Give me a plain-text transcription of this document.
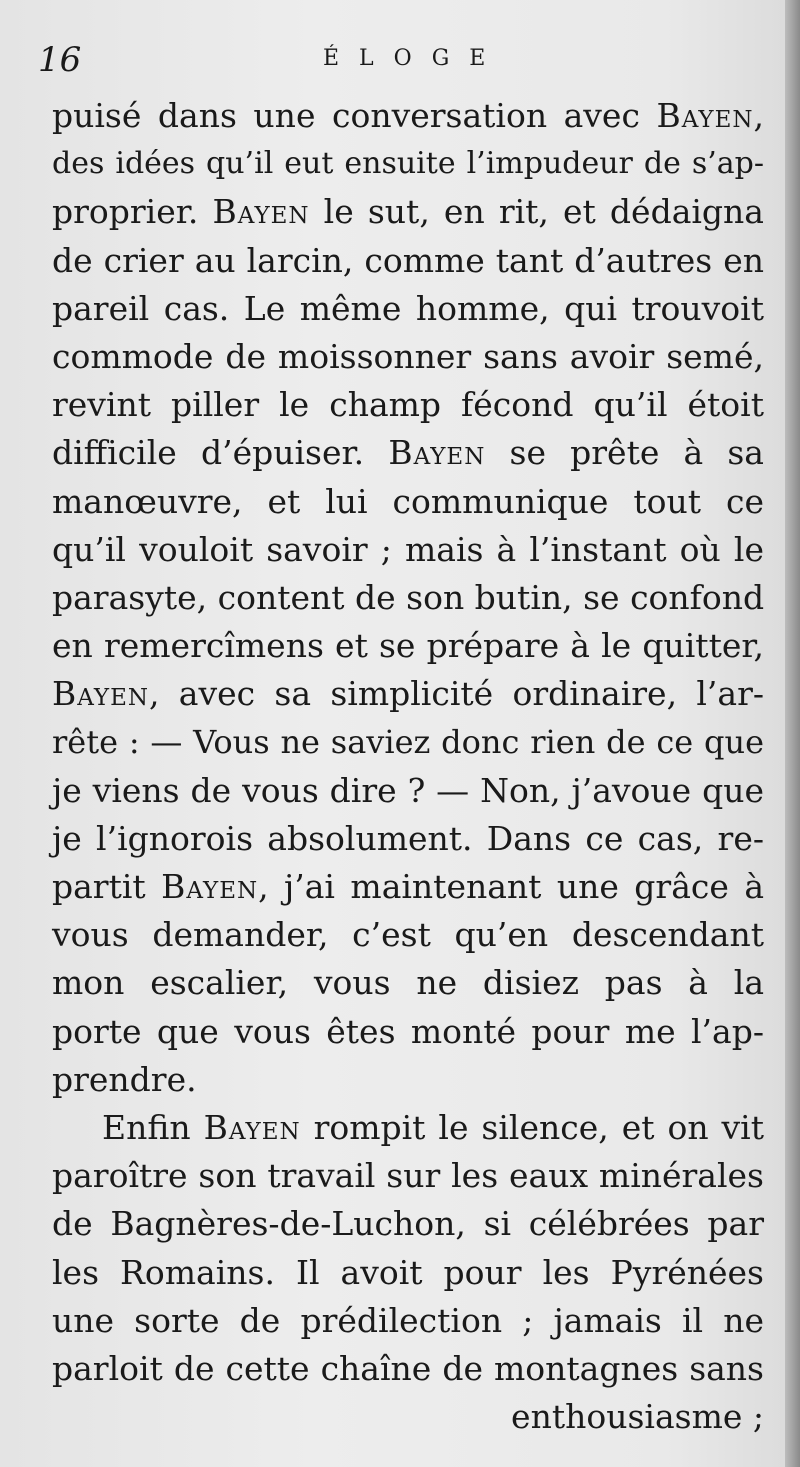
16	ÉLOGE
puisé dans une conversation avec Bayen,
des idées qu’il eut ensuite l’impudeur de s’ap-
proprier. Bayen le sut, en rit, et dédaigna
de crier au larcin, comme tant d’autres en
pareil cas. Le même homme, qui trouvoit
commode de moissonner sans avoir semé,
revint piller le champ fécond qu’il étoit
difficile d’épuiser. Bayen se prête à sa
manœuvre, et lui communique tout ce
qu’il vouloit savoir ; mais à l’instant où le
parasyte, content de son butin, se confond
en remercîmens et se prépare à le quitter,
Bayen, avec sa simplicité ordinaire, l’ar-
rête : — Vous ne saviez donc rien de ce que
je viens de vous dire ? — Non, j’avoue que
je l’ignorois absolument. Dans ce cas, re-
partit Bayen, j’ai maintenant une grâce à
vous demander, c’est qu’en descendant
mon escalier, vous ne disiez pas à la
porte que vous êtes monté pour me l’ap-
prendre.
Enfin Bayen rompit le silence, et on vit
paroître son travail sur les eaux minérales
de Bagnères-de-Luchon, si célébrées par
les Romains. Il avoit pour les Pyrénées
une sorte de prédilection ; jamais il ne
parloit de cette chaîne de montagnes sans
enthousiasme ;
